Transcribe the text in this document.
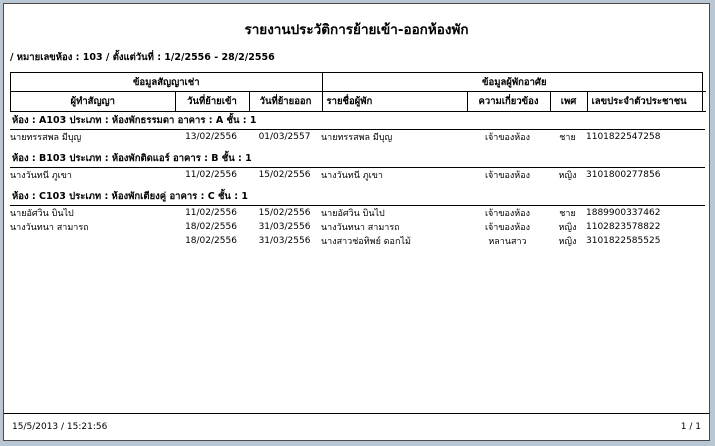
รายงานประวัติการย้ายเข้า-ออกห้องพัก
/ หมายเลขห้อง : 103 / ตั้งแต่วันที่ : 1/2/2556 - 28/2/2556
ข้อมูลสัญญาเช่า			ข้อมูลผู้พักอาศัย			
ผู้ทำสัญญา	วันที่ย้ายเข้า	วันที่ย้ายออก	รายชื่อผู้พัก	ความเกี่ยวข้อง	เพศ	เลขประจำตัวประชาชน
ห้อง : A103 ประเภท : ห้องพักธรรมดา อาคาร : A ชั้น : 1						
นายทรรสพล มีบุญ	13/02/2556	01/03/2557	นายทรรสพล มีบุญ	เจ้าของห้อง	ชาย	1101822547258

ห้อง : B103 ประเภท : ห้องพักติดแอร์ อาคาร : B ชั้น : 1						
นางวันทนี ภูเขา	11/02/2556	15/02/2556	นางวันทนี ภูเขา	เจ้าของห้อง	หญิง	3101800277856

ห้อง : C103 ประเภท : ห้องพักเตียงคู่ อาคาร : C ชั้น : 1						
นายอัศวิน บินไป	11/02/2556	15/02/2556	นายอัศวิน บินไป	เจ้าของห้อง	ชาย	1889900337462
นางวันทนา สามารถ	18/02/2556	31/03/2556	นางวันทนา สามารถ	เจ้าของห้อง	หญิง	1102823578822
	18/02/2556	31/03/2556	นางสาวช่อทิพย์ ดอกไม้	หลานสาว	หญิง	3101822585525
15/5/2013 / 15:21:56	1 / 1
